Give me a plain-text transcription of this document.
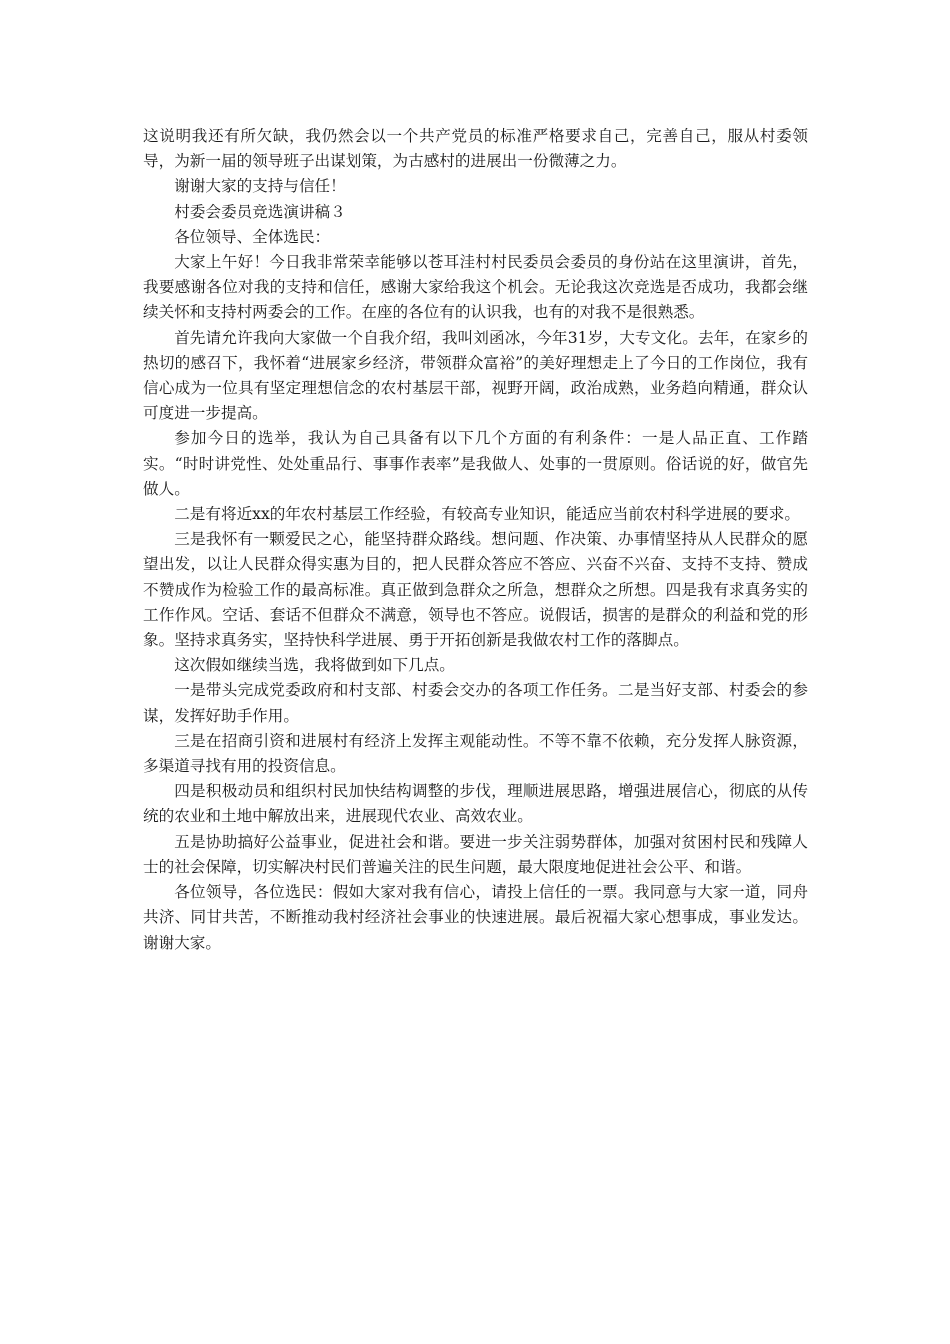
这说明我还有所欠缺，我仍然会以一个共产党员的标准严格要求自己，完善自己，服从村委领导，为新一届的领导班子出谋划策，为古感村的进展出一份微薄之力。

谢谢大家的支持与信任！

村委会委员竞选演讲稿３

各位领导、全体选民：

大家上午好！今日我非常荣幸能够以苍耳洼村村民委员会委员的身份站在这里演讲，首先，我要感谢各位对我的支持和信任，感谢大家给我这个机会。无论我这次竞选是否成功，我都会继续关怀和支持村两委会的工作。在座的各位有的认识我，也有的对我不是很熟悉。

首先请允许我向大家做一个自我介绍，我叫刘函冰，今年31岁，大专文化。去年，在家乡的热切的感召下，我怀着“进展家乡经济，带领群众富裕”的美好理想走上了今日的工作岗位，我有信心成为一位具有坚定理想信念的农村基层干部，视野开阔，政治成熟，业务趋向精通，群众认可度进一步提高。

参加今日的选举，我认为自己具备有以下几个方面的有利条件：一是人品正直、工作踏实。“时时讲党性、处处重品行、事事作表率”是我做人、处事的一贯原则。俗话说的好，做官先做人。

二是有将近xx的年农村基层工作经验，有较高专业知识，能适应当前农村科学进展的要求。

三是我怀有一颗爱民之心，能坚持群众路线。想问题、作决策、办事情坚持从人民群众的愿望出发，以让人民群众得实惠为目的，把人民群众答应不答应、兴奋不兴奋、支持不支持、赞成不赞成作为检验工作的最高标准。真正做到急群众之所急，想群众之所想。四是我有求真务实的工作作风。空话、套话不但群众不满意，领导也不答应。说假话，损害的是群众的利益和党的形象。坚持求真务实，坚持快科学进展、勇于开拓创新是我做农村工作的落脚点。

这次假如继续当选，我将做到如下几点。

一是带头完成党委政府和村支部、村委会交办的各项工作任务。二是当好支部、村委会的参谋，发挥好助手作用。

三是在招商引资和进展村有经济上发挥主观能动性。不等不靠不依赖，充分发挥人脉资源，多渠道寻找有用的投资信息。

四是积极动员和组织村民加快结构调整的步伐，理顺进展思路，增强进展信心，彻底的从传统的农业和土地中解放出来，进展现代农业、高效农业。

五是协助搞好公益事业，促进社会和谐。要进一步关注弱势群体，加强对贫困村民和残障人士的社会保障，切实解决村民们普遍关注的民生问题，最大限度地促进社会公平、和谐。

各位领导，各位选民：假如大家对我有信心，请投上信任的一票。我同意与大家一道，同舟共济、同甘共苦，不断推动我村经济社会事业的快速进展。最后祝福大家心想事成，事业发达。谢谢大家。
